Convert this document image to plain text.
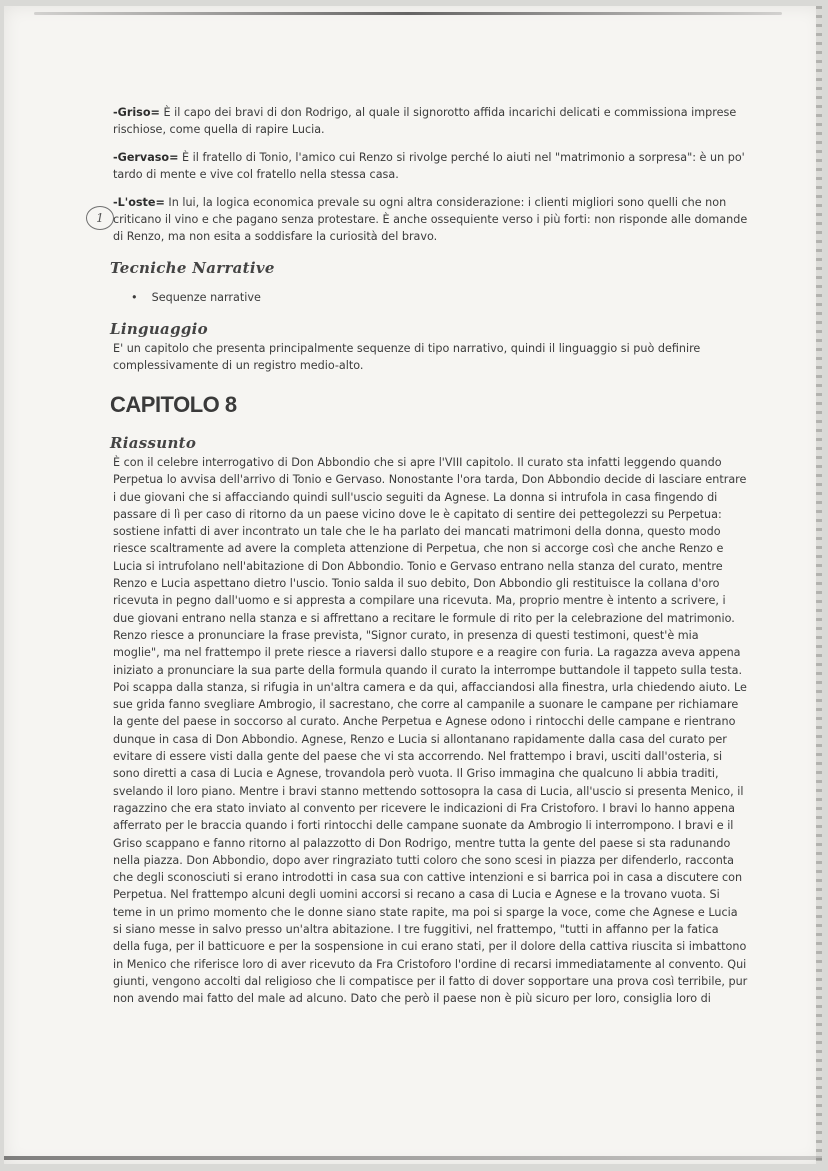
1

-Griso= È il capo dei bravi di don Rodrigo, al quale il signorotto affida incarichi delicati e commissiona imprese rischiose, come quella di rapire Lucia.

-Gervaso= È il fratello di Tonio, l'amico cui Renzo si rivolge perché lo aiuti nel "matrimonio a sorpresa": è un po' tardo di mente e vive col fratello nella stessa casa.

-L'oste= In lui, la logica economica prevale su ogni altra considerazione: i clienti migliori sono quelli che non criticano il vino e che pagano senza protestare. È anche ossequiente verso i più forti: non risponde alle domande di Renzo, ma non esita a soddisfare la curiosità del bravo.

Tecniche Narrative
• Sequenze narrative
Linguaggio

E' un capitolo che presenta principalmente sequenze di tipo narrativo, quindi il linguaggio si può definire complessivamente di un registro medio-alto.

CAPITOLO 8
Riassunto

È con il celebre interrogativo di Don Abbondio che si apre l'VIII capitolo. Il curato sta infatti leggendo quando Perpetua lo avvisa dell'arrivo di Tonio e Gervaso. Nonostante l'ora tarda, Don Abbondio decide di lasciare entrare i due giovani che si affacciando quindi sull'uscio seguiti da Agnese. La donna si intrufola in casa fingendo di passare di lì per caso di ritorno da un paese vicino dove le è capitato di sentire dei pettegolezzi su Perpetua: sostiene infatti di aver incontrato un tale che le ha parlato dei mancati matrimoni della donna, questo modo riesce scaltramente ad avere la completa attenzione di Perpetua, che non si accorge così che anche Renzo e Lucia si intrufolano nell'abitazione di Don Abbondio. Tonio e Gervaso entrano nella stanza del curato, mentre Renzo e Lucia aspettano dietro l'uscio. Tonio salda il suo debito, Don Abbondio gli restituisce la collana d'oro ricevuta in pegno dall'uomo e si appresta a compilare una ricevuta. Ma, proprio mentre è intento a scrivere, i due giovani entrano nella stanza e si affrettano a recitare le formule di rito per la celebrazione del matrimonio. Renzo riesce a pronunciare la frase prevista, "Signor curato, in presenza di questi testimoni, quest'è mia moglie", ma nel frattempo il prete riesce a riaversi dallo stupore e a reagire con furia. La ragazza aveva appena iniziato a pronunciare la sua parte della formula quando il curato la interrompe buttandole il tappeto sulla testa. Poi scappa dalla stanza, si rifugia in un'altra camera e da qui, affacciandosi alla finestra, urla chiedendo aiuto. Le sue grida fanno svegliare Ambrogio, il sacrestano, che corre al campanile a suonare le campane per richiamare la gente del paese in soccorso al curato. Anche Perpetua e Agnese odono i rintocchi delle campane e rientrano dunque in casa di Don Abbondio. Agnese, Renzo e Lucia si allontanano rapidamente dalla casa del curato per evitare di essere visti dalla gente del paese che vi sta accorrendo. Nel frattempo i bravi, usciti dall'osteria, si sono diretti a casa di Lucia e Agnese, trovandola però vuota. Il Griso immagina che qualcuno li abbia traditi, svelando il loro piano. Mentre i bravi stanno mettendo sottosopra la casa di Lucia, all'uscio si presenta Menico, il ragazzino che era stato inviato al convento per ricevere le indicazioni di Fra Cristoforo. I bravi lo hanno appena afferrato per le braccia quando i forti rintocchi delle campane suonate da Ambrogio li interrompono. I bravi e il Griso scappano e fanno ritorno al palazzotto di Don Rodrigo, mentre tutta la gente del paese si sta radunando nella piazza. Don Abbondio, dopo aver ringraziato tutti coloro che sono scesi in piazza per difenderlo, racconta che degli sconosciuti si erano introdotti in casa sua con cattive intenzioni e si barrica poi in casa a discutere con Perpetua. Nel frattempo alcuni degli uomini accorsi si recano a casa di Lucia e Agnese e la trovano vuota. Si teme in un primo momento che le donne siano state rapite, ma poi si sparge la voce, come che Agnese e Lucia si siano messe in salvo presso un'altra abitazione. I tre fuggitivi, nel frattempo, "tutti in affanno per la fatica della fuga, per il batticuore e per la sospensione in cui erano stati, per il dolore della cattiva riuscita si imbattono in Menico che riferisce loro di aver ricevuto da Fra Cristoforo l'ordine di recarsi immediatamente al convento. Qui giunti, vengono accolti dal religioso che li compatisce per il fatto di dover sopportare una prova così terribile, pur non avendo mai fatto del male ad alcuno. Dato che però il paese non è più sicuro per loro, consiglia loro di
